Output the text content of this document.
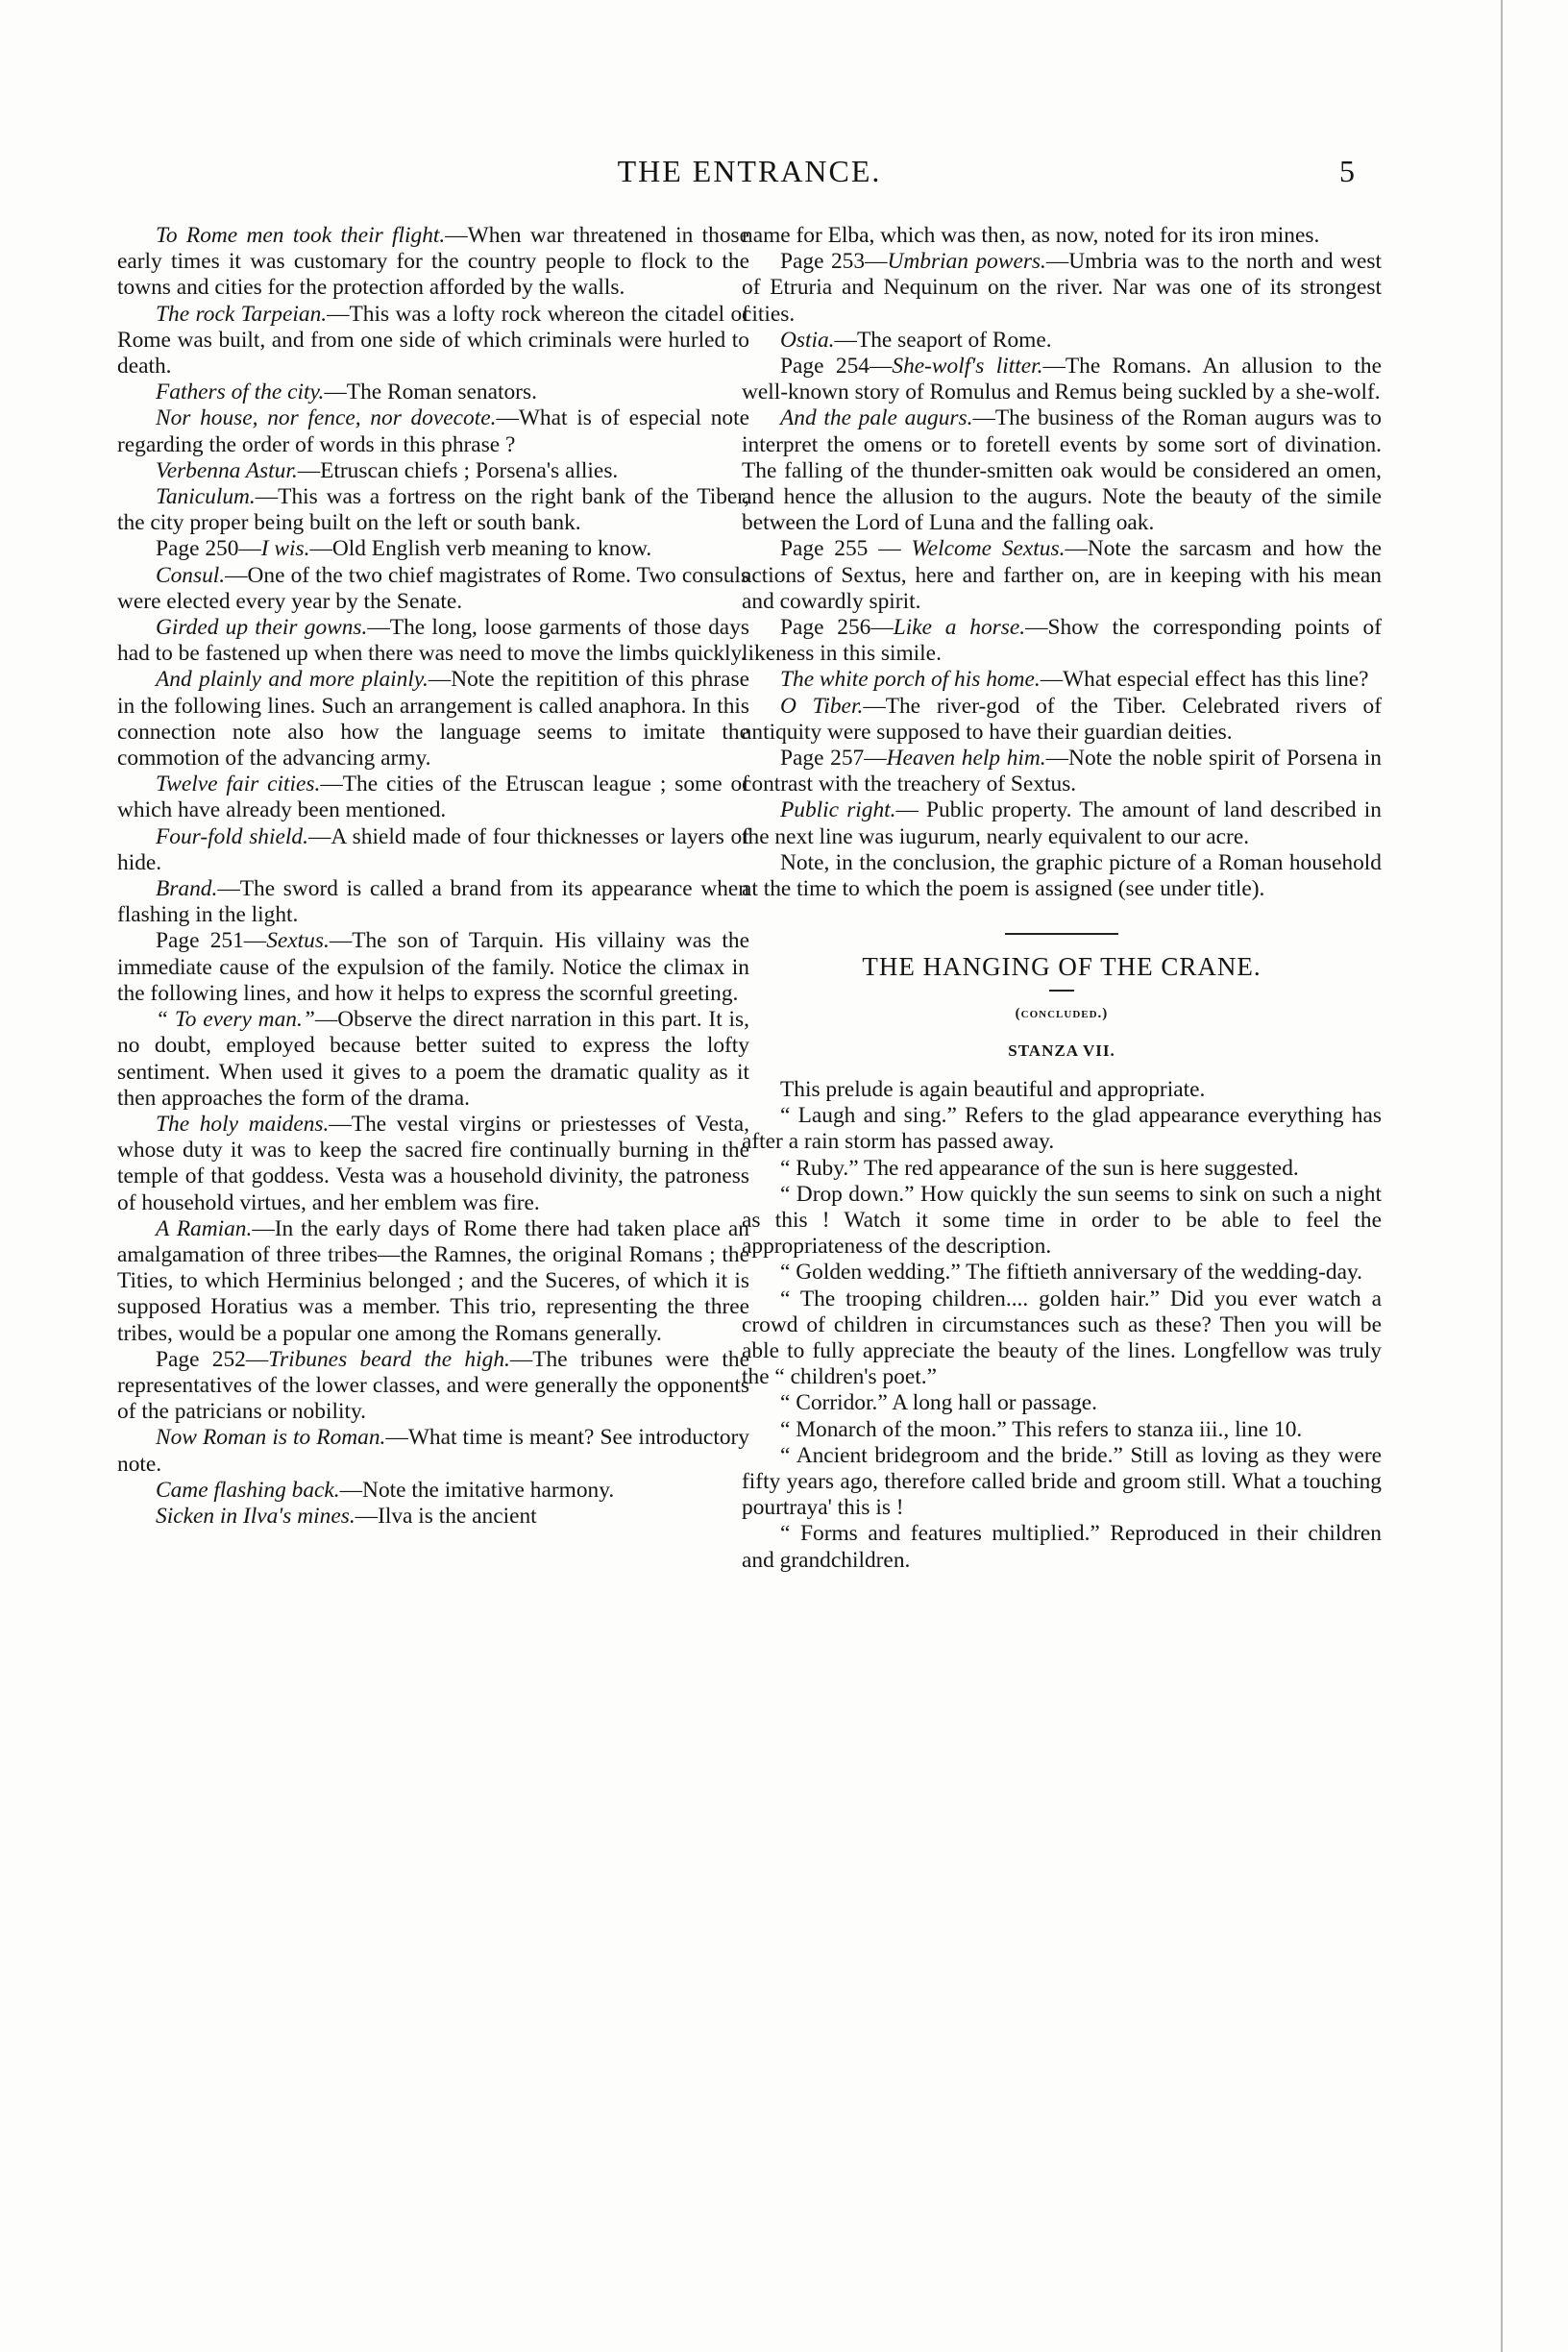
THE ENTRANCE.	5

To Rome men took their flight.—When war threatened in those early times it was customary for the country people to flock to the towns and cities for the protection afforded by the walls.

The rock Tarpeian.—This was a lofty rock whereon the citadel of Rome was built, and from one side of which criminals were hurled to death.

Fathers of the city.—The Roman senators.

Nor house, nor fence, nor dovecote.—What is of especial note regarding the order of words in this phrase ?

Verbenna Astur.—Etruscan chiefs ; Porsena's allies.

Taniculum.—This was a fortress on the right bank of the Tiber, the city proper being built on the left or south bank.

Page 250—I wis.—Old English verb meaning to know.

Consul.—One of the two chief magistrates of Rome. Two consuls were elected every year by the Senate.

Girded up their gowns.—The long, loose garments of those days had to be fastened up when there was need to move the limbs quickly.

And plainly and more plainly.—Note the repitition of this phrase in the following lines. Such an arrangement is called anaphora. In this connection note also how the language seems to imitate the commotion of the advancing army.

Twelve fair cities.—The cities of the Etruscan league ; some of which have already been mentioned.

Four-fold shield.—A shield made of four thicknesses or layers of hide.

Brand.—The sword is called a brand from its appearance when flashing in the light.

Page 251—Sextus.—The son of Tarquin. His villainy was the immediate cause of the expulsion of the family. Notice the climax in the following lines, and how it helps to express the scornful greeting.

“ To every man.”—Observe the direct narration in this part. It is, no doubt, employed because better suited to express the lofty sentiment. When used it gives to a poem the dramatic quality as it then approaches the form of the drama.

The holy maidens.—The vestal virgins or priestesses of Vesta, whose duty it was to keep the sacred fire continually burning in the temple of that goddess. Vesta was a household divinity, the patroness of household virtues, and her emblem was fire.

A Ramian.—In the early days of Rome there had taken place an amalgamation of three tribes—the Ramnes, the original Romans ; the Tities, to which Herminius belonged ; and the Suceres, of which it is supposed Horatius was a member. This trio, representing the three tribes, would be a popular one among the Romans generally.

Page 252—Tribunes beard the high.—The tribunes were the representatives of the lower classes, and were generally the opponents of the patricians or nobility.

Now Roman is to Roman.—What time is meant? See introductory note.

Came flashing back.—Note the imitative harmony.

Sicken in Ilva's mines.—Ilva is the ancient

name for Elba, which was then, as now, noted for its iron mines.

Page 253—Umbrian powers.—Umbria was to the north and west of Etruria and Nequinum on the river. Nar was one of its strongest cities.

Ostia.—The seaport of Rome.

Page 254—She-wolf's litter.—The Romans. An allusion to the well-known story of Romulus and Remus being suckled by a she-wolf.

And the pale augurs.—The business of the Roman augurs was to interpret the omens or to foretell events by some sort of divination. The falling of the thunder-smitten oak would be considered an omen, and hence the allusion to the augurs. Note the beauty of the simile between the Lord of Luna and the falling oak.

Page 255 — Welcome Sextus.—Note the sarcasm and how the actions of Sextus, here and farther on, are in keeping with his mean and cowardly spirit.

Page 256—Like a horse.—Show the corresponding points of likeness in this simile.

The white porch of his home.—What especial effect has this line?

O Tiber.—The river-god of the Tiber. Celebrated rivers of antiquity were supposed to have their guardian deities.

Page 257—Heaven help him.—Note the noble spirit of Porsena in contrast with the treachery of Sextus.

Public right.— Public property. The amount of land described in the next line was iugurum, nearly equivalent to our acre.

Note, in the conclusion, the graphic picture of a Roman household at the time to which the poem is assigned (see under title).

THE HANGING OF THE CRANE.
(concluded.)
STANZA VII.

This prelude is again beautiful and appropriate.

“ Laugh and sing.” Refers to the glad appearance everything has after a rain storm has passed away.

“ Ruby.” The red appearance of the sun is here suggested.

“ Drop down.” How quickly the sun seems to sink on such a night as this ! Watch it some time in order to be able to feel the appropriateness of the description.

“ Golden wedding.” The fiftieth anniversary of the wedding-day.

“ The trooping children.... golden hair.” Did you ever watch a crowd of children in circumstances such as these? Then you will be able to fully appreciate the beauty of the lines. Longfellow was truly the “ children's poet.”

“ Corridor.” A long hall or passage.

“ Monarch of the moon.” This refers to stanza iii., line 10.

“ Ancient bridegroom and the bride.” Still as loving as they were fifty years ago, therefore called bride and groom still. What a touching pourtraya' this is !

“ Forms and features multiplied.” Reproduced in their children and grandchildren.
